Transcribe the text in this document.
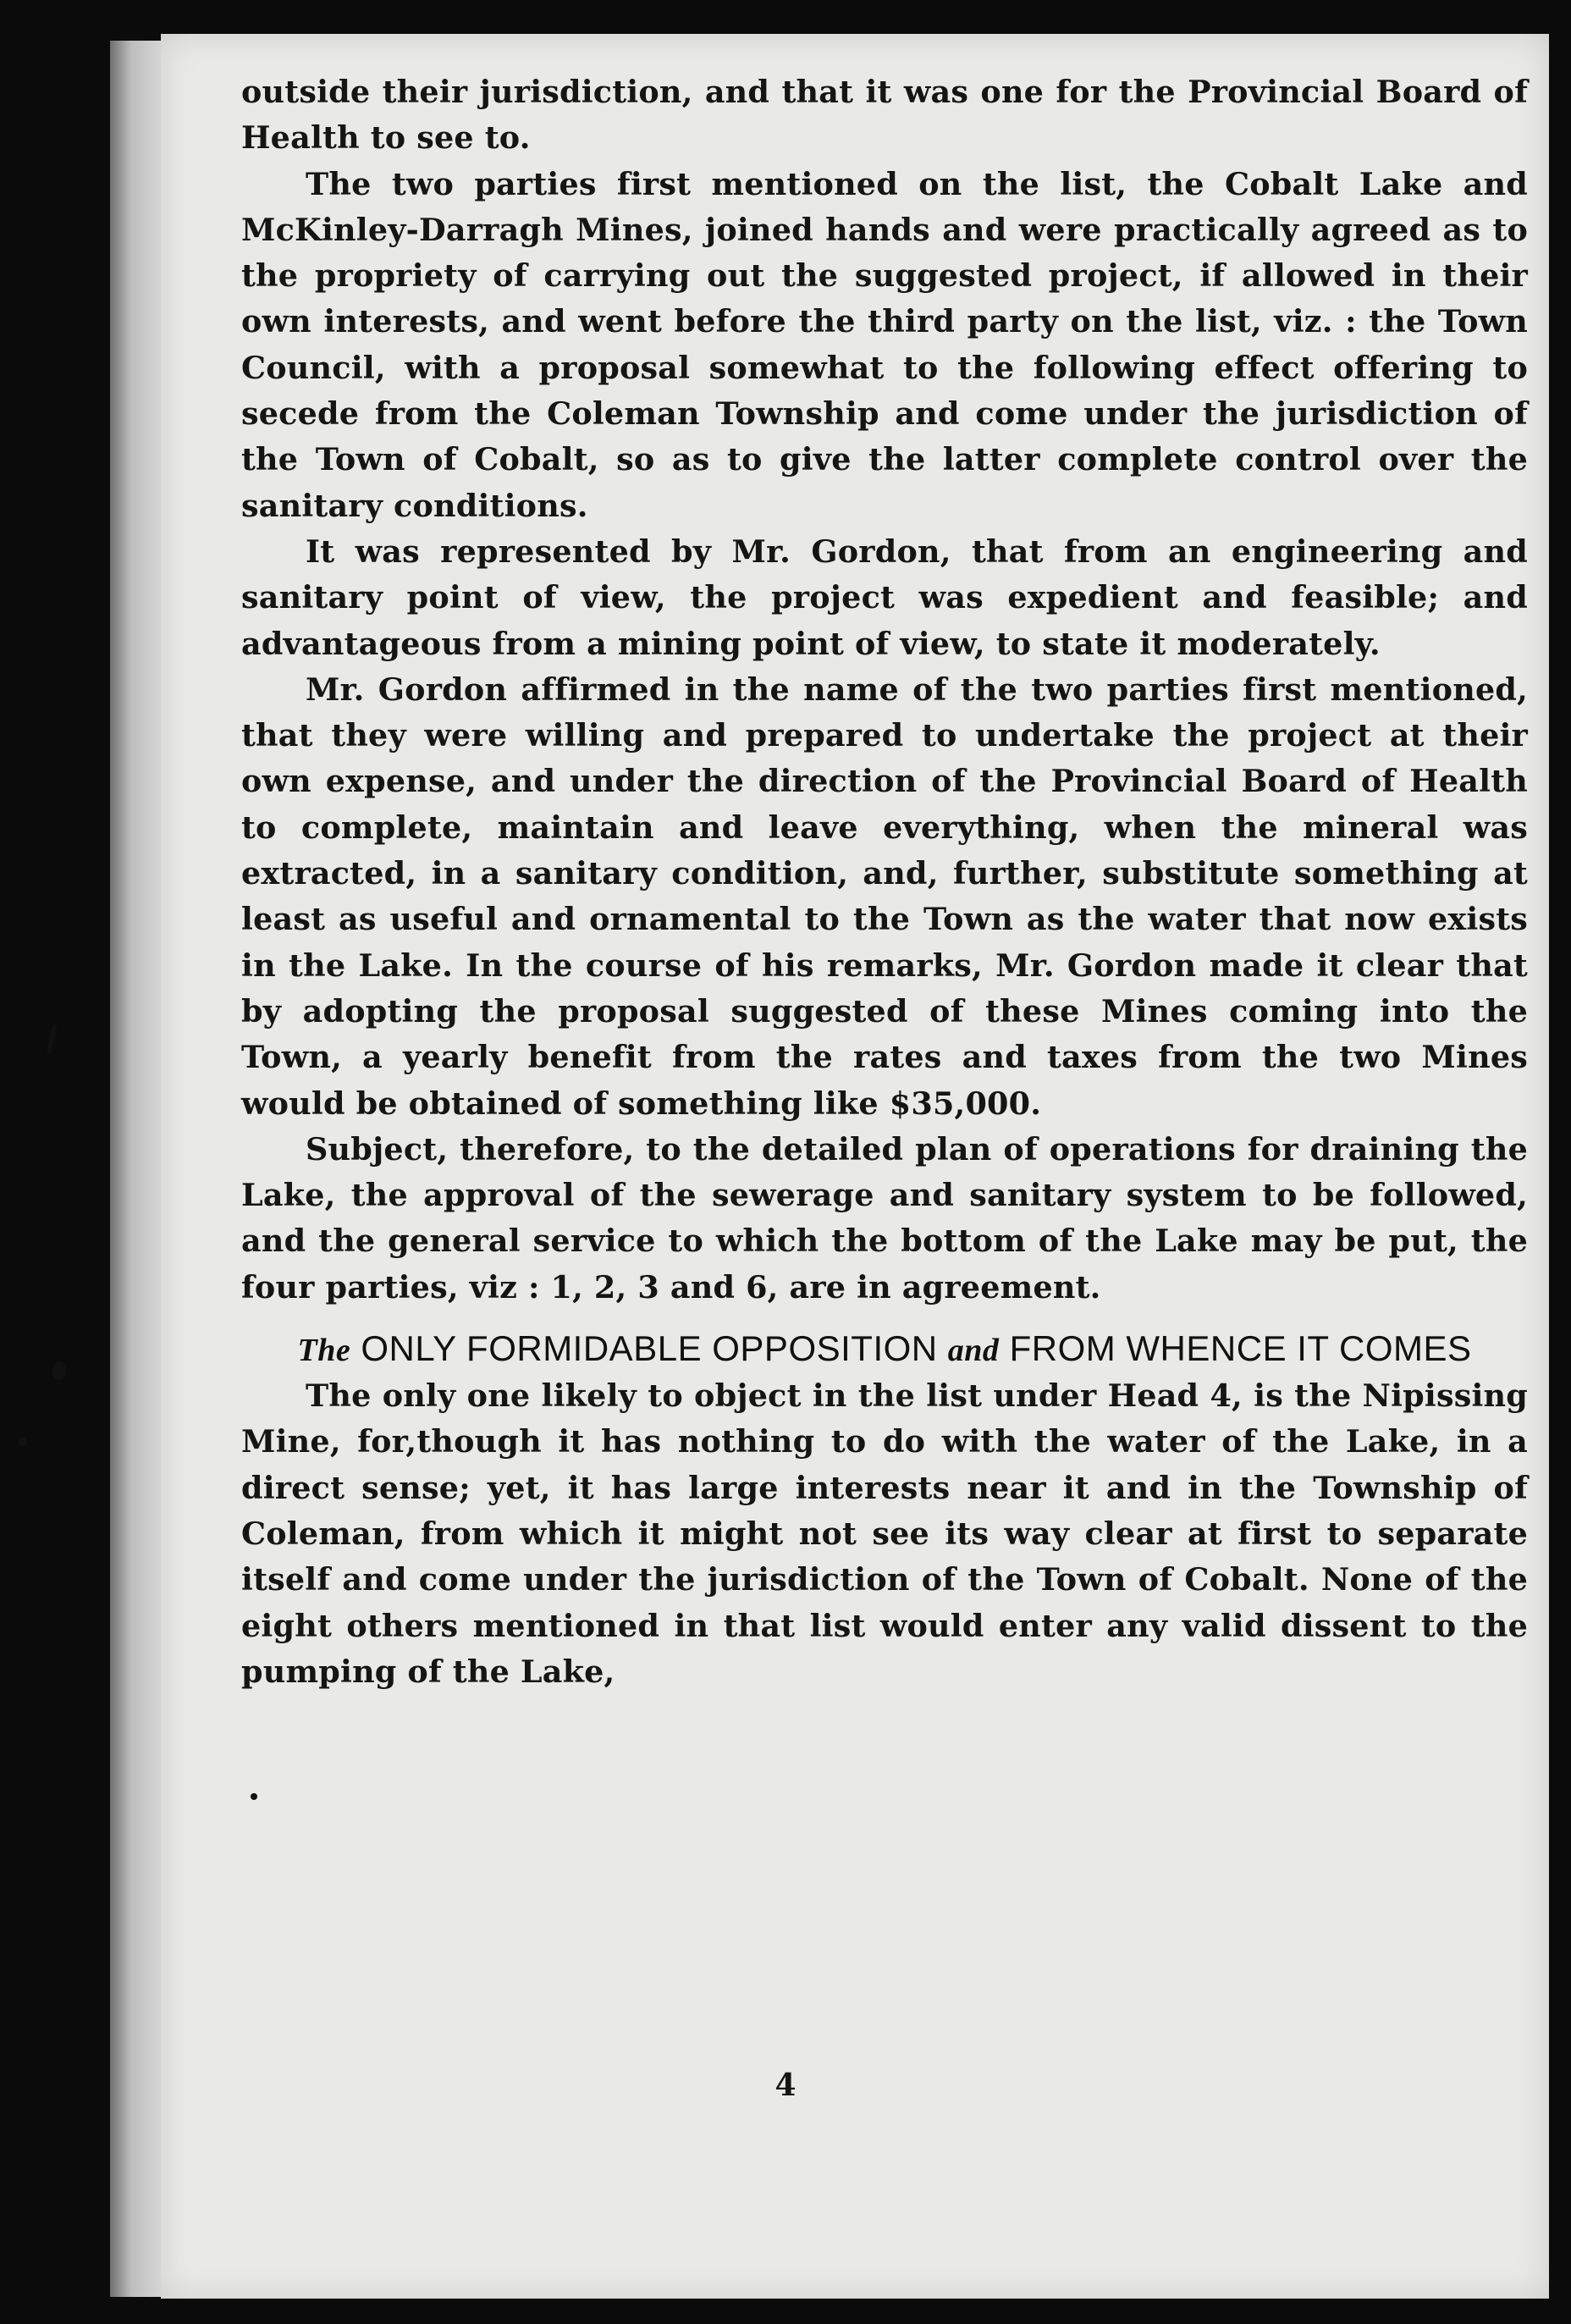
outside their jurisdiction, and that it was one for the Provincial Board of Health to see to.

The two parties first mentioned on the list, the Cobalt Lake and McKinley-Darragh Mines, joined hands and were practically agreed as to the propriety of carrying out the suggested project, if allowed in their own interests, and went before the third party on the list, viz. : the Town Council, with a proposal somewhat to the following effect offering to secede from the Coleman Township and come under the jurisdiction of the Town of Cobalt, so as to give the latter complete control over the sanitary conditions.

It was represented by Mr. Gordon, that from an engineering and sanitary point of view, the project was expedient and feasible; and advantageous from a mining point of view, to state it moderately.

Mr. Gordon affirmed in the name of the two parties first mentioned, that they were willing and prepared to undertake the project at their own expense, and under the direction of the Provincial Board of Health to complete, maintain and leave everything, when the mineral was extracted, in a sanitary condition, and, further, substitute something at least as useful and ornamental to the Town as the water that now exists in the Lake. In the course of his remarks, Mr. Gordon made it clear that by adopting the proposal suggested of these Mines coming into the Town, a yearly benefit from the rates and taxes from the two Mines would be obtained of something like $35,000.

Subject, therefore, to the detailed plan of operations for draining the Lake, the approval of the sewerage and sanitary system to be followed, and the general service to which the bottom of the Lake may be put, the four parties, viz : 1, 2, 3 and 6, are in agreement.

The ONLY FORMIDABLE OPPOSITION and FROM WHENCE IT COMES

The only one likely to object in the list under Head 4, is the Nipissing Mine, for,though it has nothing to do with the water of the Lake, in a direct sense; yet, it has large interests near it and in the Township of Coleman, from which it might not see its way clear at first to separate itself and come under the jurisdiction of the Town of Cobalt. None of the eight others mentioned in that list would enter any valid dissent to the pumping of the Lake,

4
